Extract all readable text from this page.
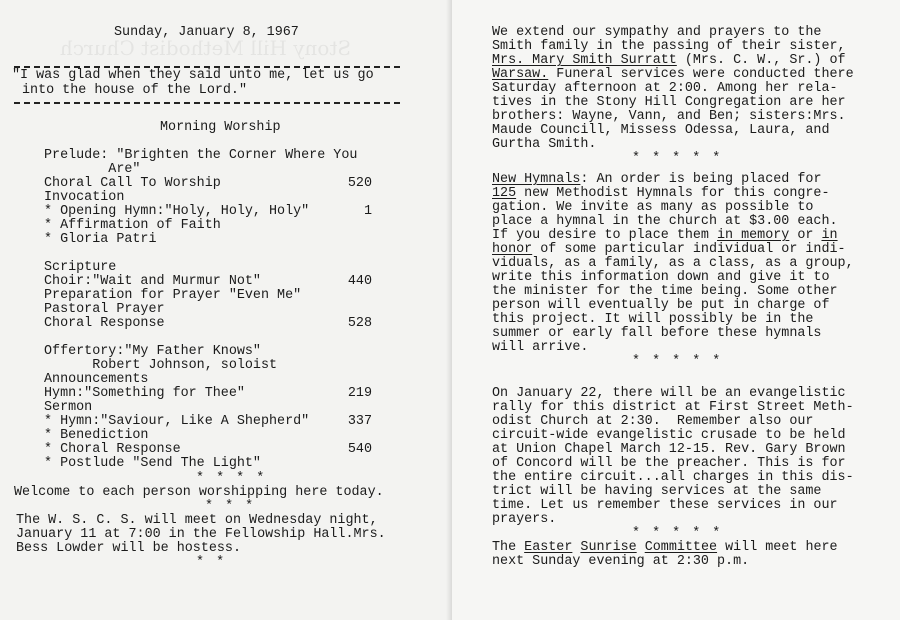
Stony Hill Methodist Church
Sunday, January 8, 1967
"I was glad when they said unto me, let us go
into the house of the Lord."
Morning Worship
Prelude: "Brighten the Corner Where You
Are"
Choral Call To Worship	520
Invocation
* Opening Hymn:"Holy, Holy, Holy"	1
* Affirmation of Faith
* Gloria Patri
Scripture
Choir:"Wait and Murmur Not"	440
Preparation for Prayer "Even Me"
Pastoral Prayer
Choral Response	528
Offertory:"My Father Knows"
Robert Johnson, soloist
Announcements
Hymn:"Something for Thee"	219
Sermon
* Hymn:"Saviour, Like A Shepherd"	337
* Benediction
* Choral Response	540
* Postlude "Send The Light"
* * * *
Welcome to each person worshipping here today.
* * *
The W. S. C. S. will meet on Wednesday night,
January 11 at 7:00 in the Fellowship Hall.Mrs.
Bess Lowder will be hostess.
* *
We extend our sympathy and prayers to the
Smith family in the passing of their sister,
Mrs. Mary Smith Surratt (Mrs. C. W., Sr.) of
Warsaw. Funeral services were conducted there
Saturday afternoon at 2:00. Among her rela-
tives in the Stony Hill Congregation are her
brothers: Wayne, Vann, and Ben; sisters:Mrs.
Maude Councill, Missess Odessa, Laura, and
Gurtha Smith.
* * * * *
New Hymnals: An order is being placed for
125 new Methodist Hymnals for this congre-
gation. We invite as many as possible to
place a hymnal in the church at $3.00 each.
If you desire to place them in memory or in
honor of some particular individual or indi-
viduals, as a family, as a class, as a group,
write this information down and give it to
the minister for the time being. Some other
person will eventually be put in charge of
this project. It will possibly be in the
summer or early fall before these hymnals
will arrive.
* * * * *
On January 22, there will be an evangelistic
rally for this district at First Street Meth-
odist Church at 2:30.  Remember also our
circuit-wide evangelistic crusade to be held
at Union Chapel March 12-15. Rev. Gary Brown
of Concord will be the preacher. This is for
the entire circuit...all charges in this dis-
trict will be having services at the same
time. Let us remember these services in our
prayers.
* * * * *
The Easter Sunrise Committee will meet here
next Sunday evening at 2:30 p.m.
